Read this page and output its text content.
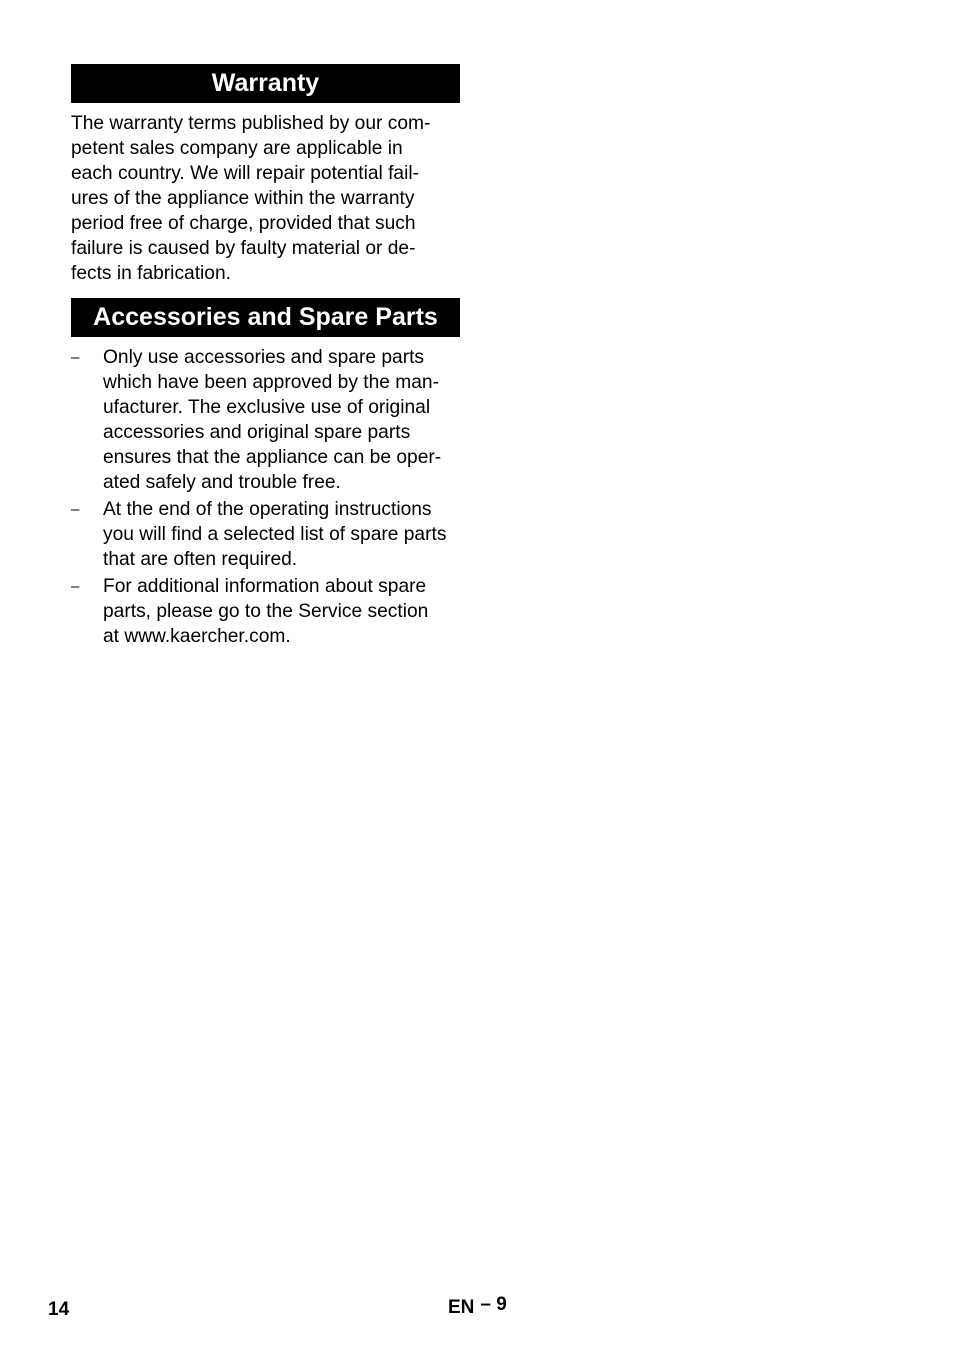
Warranty

The warranty terms published by our com-
petent sales company are applicable in
each country. We will repair potential fail-
ures of the appliance within the warranty
period free of charge, provided that such
failure is caused by faulty material or de-
fects in fabrication.

Accessories and Spare Parts
– Only use accessories and spare parts
which have been approved by the man-
ufacturer. The exclusive use of original
accessories and original spare parts
ensures that the appliance can be oper-
ated safely and trouble free.
– At the end of the operating instructions
you will find a selected list of spare parts
that are often required.
– For additional information about spare
parts, please go to the Service section
at www.kaercher.com.
14	EN – 9
